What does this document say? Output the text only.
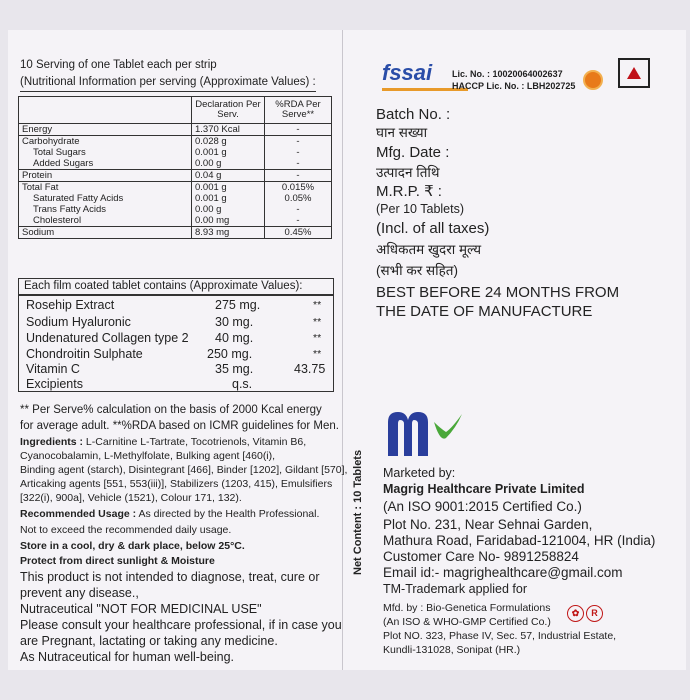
10 Serving of one Tablet each per strip
(Nutritional Information per serving (Approximate Values) :
	Declaration Per Serv.	%RDA Per Serve**
Energy	1.370 Kcal	-
Carbohydrate	0.028 g	-
Total Sugars	0.001 g	-
Added Sugars	0.00 g	-
Protein	0.04 g	-
Total Fat	0.001 g	0.015%
Saturated Fatty Acids	0.001 g	0.05%
Trans Fatty Acids	0.00 g	-
Cholesterol	0.00 mg	-
Sodium	8.93 mg	0.45%
Each film coated tablet contains (Approximate Values):
Rosehip Extract	275 mg.	**
Sodium Hyaluronic	30 mg.	**
Undenatured Collagen type 2 40 mg.	**
Chondroitin Sulphate	250 mg.	**
Vitamin C	35 mg.	43.75
Excipients	q.s.
** Per Serve% calculation on the basis of 2000 Kcal energy
for average adult. **%RDA based on ICMR guidelines for Men.
Ingredients : L-Carnitine L-Tartrate, Tocotrienols, Vitamin B6,
Cyanocobalamin, L-Methylfolate, Bulking agent [460(i),
Binding agent (starch), Disintegrant [466], Binder [1202], Gildant [570],
Articaking agents [551, 553(iii)], Stabilizers (1203, 415), Emulsifiers
[322(i), 900a], Vehicle (1521), Colour 171, 132).
Recommended Usage : As directed by the Health Professional.
Not to exceed the recommended daily usage.
Store in a cool, dry & dark place, below 25°C.
Protect from direct sunlight & Moisture
This product is not intended to diagnose, treat, cure or
prevent any disease.,
Nutraceutical "NOT FOR MEDICINAL USE"
Please consult your healthcare professional, if in case you
are Pregnant, lactating or taking any medicine.
As Nutraceutical for human well-being.
Net Content : 10 Tablets
fssai Lic. No. : 10020064002637
HACCP Lic. No. : LBH202725
Batch No. :
घान सख्या
Mfg. Date :
उत्पादन तिथि
M.R.P. ₹ :
(Per 10 Tablets)
(Incl. of all taxes)
अधिकतम खुदरा मूल्य
(सभी कर सहित)
BEST BEFORE 24 MONTHS FROM
THE DATE OF MANUFACTURE
Marketed by:
Magrig Healthcare Private Limited
(An ISO 9001:2015 Certified Co.)
Plot No. 231, Near Sehnai Garden,
Mathura Road, Faridabad-121004, HR (India)
Customer Care No- 9891258824
Email id:- magrighealthcare@gmail.com
TM-Trademark applied for
Mfd. by : Bio-Genetica Formulations
(An ISO & WHO-GMP Certified Co.)
Plot NO. 323, Phase IV, Sec. 57, Industrial Estate,
Kundli-131028, Sonipat (HR.)
✿ R
